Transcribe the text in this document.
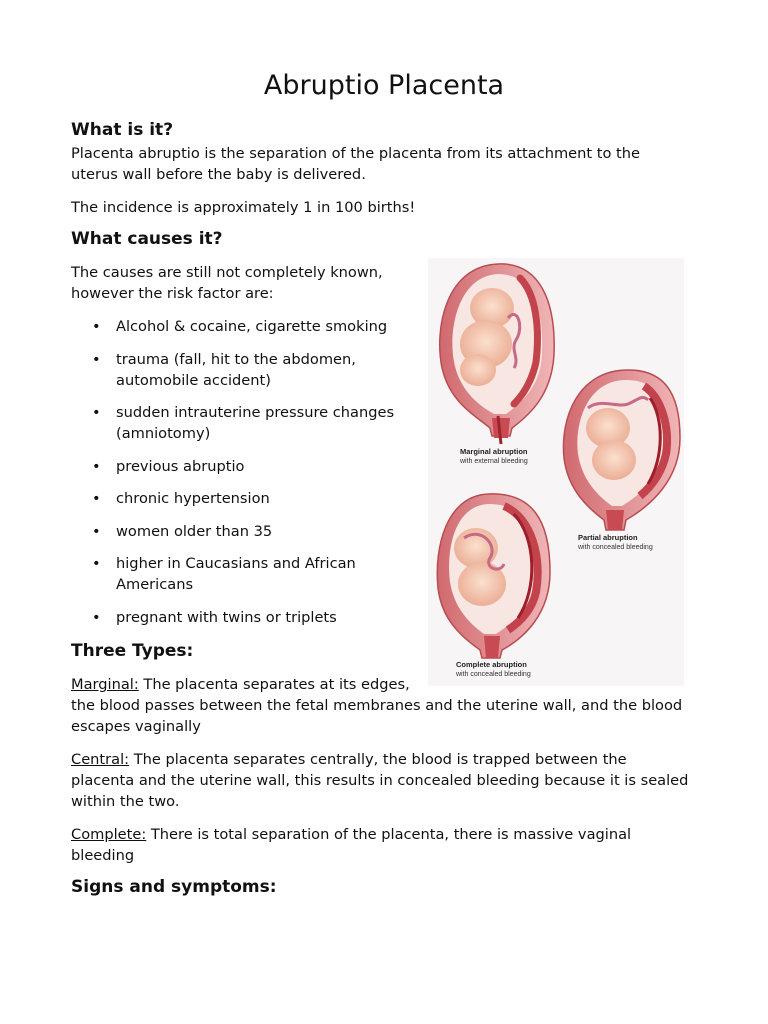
Abruptio Placenta
What is it?
Placenta abruptio is the separation of the placenta from its attachment to the
uterus wall before the baby is delivered.
The incidence is approximately 1 in 100 births!
What causes it?
The causes are still not completely known,
however the risk factor are:
• Alcohol & cocaine, cigarette smoking
• trauma (fall, hit to the abdomen,
automobile accident)
• sudden intrauterine pressure changes
(amniotomy)
• previous abruptio
• chronic hypertension
• women older than 35
• higher in Caucasians and African
Americans
• pregnant with twins or triplets
Marginal abruption
with external bleeding
Partial abruption
with concealed bleeding
Complete abruption
with concealed bleeding
Three Types:
Marginal: The placenta separates at its edges,
the blood passes between the fetal membranes and the uterine wall, and the blood
escapes vaginally
Central: The placenta separates centrally, the blood is trapped between the
placenta and the uterine wall, this results in concealed bleeding because it is sealed
within the two.
Complete: There is total separation of the placenta, there is massive vaginal
bleeding
Signs and symptoms:
